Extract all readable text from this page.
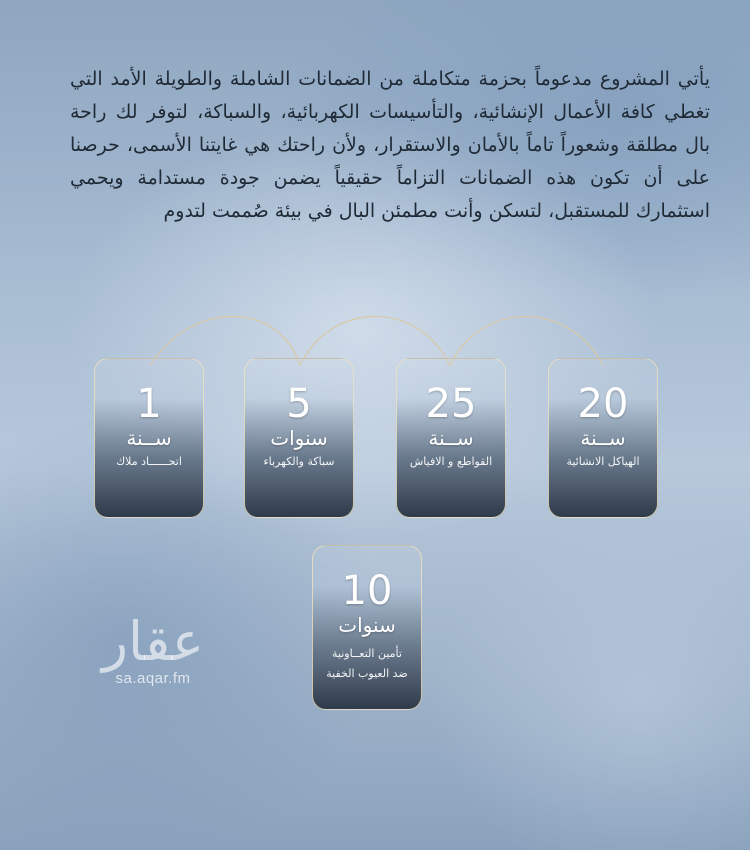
يأتي المشروع مدعوماً بحزمة متكاملة من الضمانات الشاملة والطويلة الأمد التي تغطي كافة الأعمال الإنشائية، والتأسيسات الكهربائية، والسباكة، لتوفر لك راحة بال مطلقة وشعوراً تاماً بالأمان والاستقرار، ولأن راحتك هي غايتنا الأسمى، حرصنا على أن تكون هذه الضمانات التزاماً حقيقياً يضمن جودة مستدامة ويحمي استثمارك للمستقبل، لتسكن وأنت مطمئن البال في بيئة صُممت لتدوم

20
ســنة
الهياكل الانشائية
25
ســنة
القواطع و الافياش
5
سنوات
سباكة والكهرباء
1
ســنة
اتحــــــاد ملاك
10
سنوات
تأمين التعــاونية
ضد العيوب الخفية
عقار
sa.aqar.fm
